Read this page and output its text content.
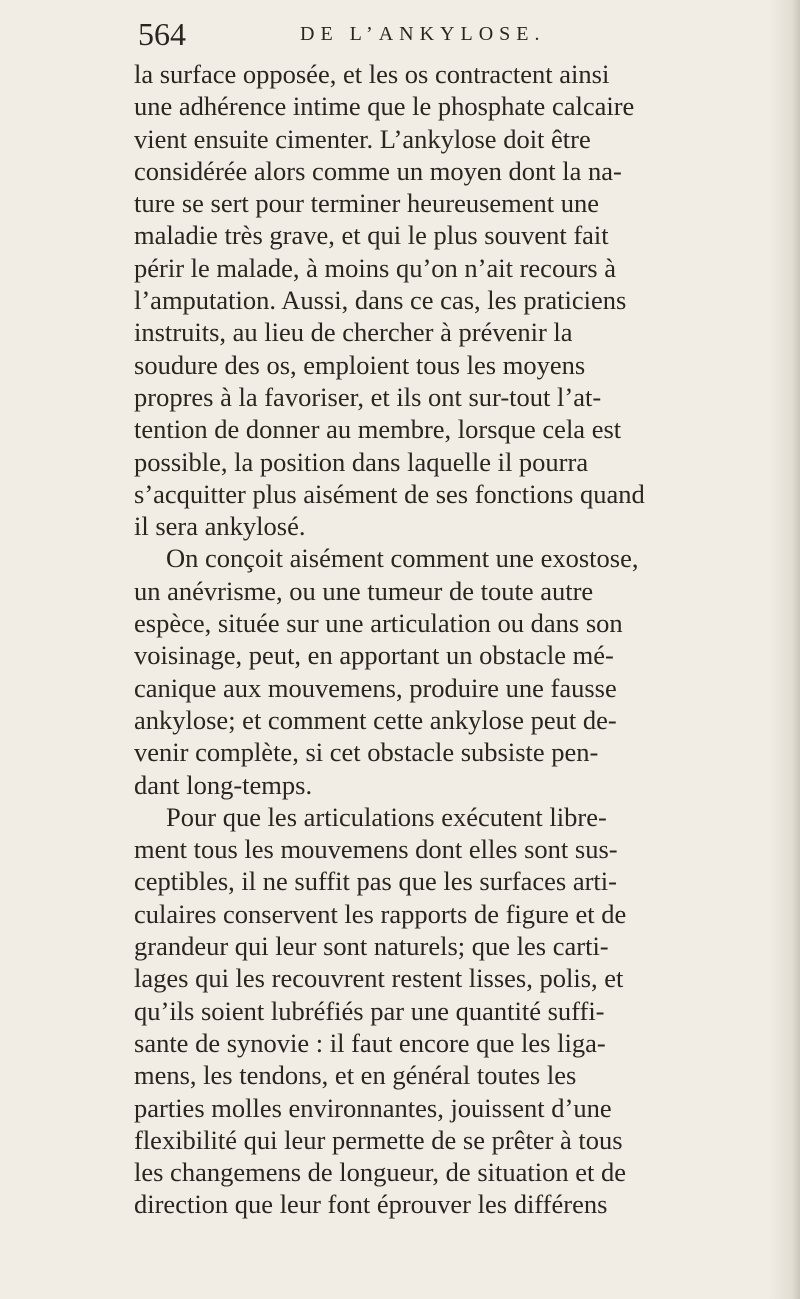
564	DE L’ANKYLOSE.
la surface opposée, et les os contractent ainsi
une adhérence intime que le phosphate calcaire
vient ensuite cimenter. L’ankylose doit être
considérée alors comme un moyen dont la na-
ture se sert pour terminer heureusement une
maladie très grave, et qui le plus souvent fait
périr le malade, à moins qu’on n’ait recours à
l’amputation. Aussi, dans ce cas, les praticiens
instruits, au lieu de chercher à prévenir la
soudure des os, emploient tous les moyens
propres à la favoriser, et ils ont sur-tout l’at-
tention de donner au membre, lorsque cela est
possible, la position dans laquelle il pourra
s’acquitter plus aisément de ses fonctions quand
il sera ankylosé.
On conçoit aisément comment une exostose,
un anévrisme, ou une tumeur de toute autre
espèce, située sur une articulation ou dans son
voisinage, peut, en apportant un obstacle mé-
canique aux mouvemens, produire une fausse
ankylose; et comment cette ankylose peut de-
venir complète, si cet obstacle subsiste pen-
dant long-temps.
Pour que les articulations exécutent libre-
ment tous les mouvemens dont elles sont sus-
ceptibles, il ne suffit pas que les surfaces arti-
culaires conservent les rapports de figure et de
grandeur qui leur sont naturels; que les carti-
lages qui les recouvrent restent lisses, polis, et
qu’ils soient lubréfiés par une quantité suffi-
sante de synovie : il faut encore que les liga-
mens, les tendons, et en général toutes les
parties molles environnantes, jouissent d’une
flexibilité qui leur permette de se prêter à tous
les changemens de longueur, de situation et de
direction que leur font éprouver les différens
